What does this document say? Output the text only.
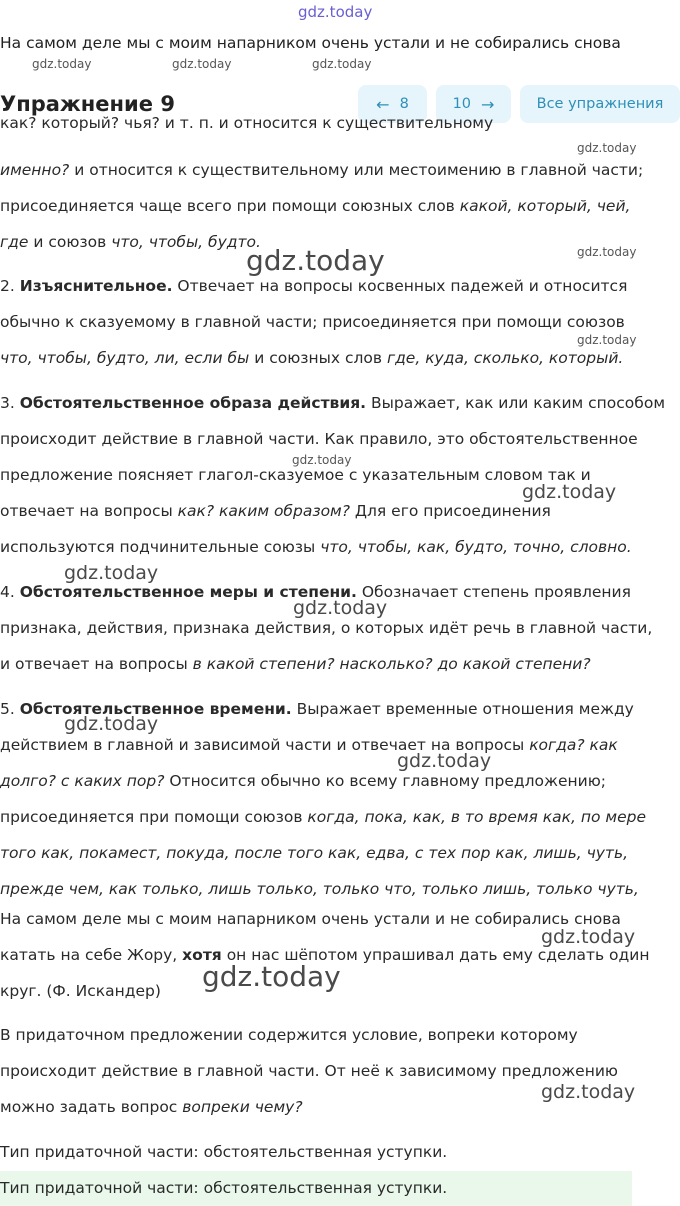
gdz.today
На самом деле мы с моим напарником очень устали и не собирались снова
gdz.today	gdz.today	gdz.today
Упражнение 9	← 8	10 →	Все упражнения
как? который? чья? и т. п. и относится к существительному
именно? и относится к существительному или местоимению в главной части;
присоединяется чаще всего при помощи союзных слов какой, который, чей,
где и союзов что, чтобы, будто.
2. Изъяснительное. Отвечает на вопросы косвенных падежей и относится
обычно к сказуемому в главной части; присоединяется при помощи союзов
что, чтобы, будто, ли, если бы и союзных слов где, куда, сколько, который.
3. Обстоятельственное образа действия. Выражает, как или каким способом
происходит действие в главной части. Как правило, это обстоятельственное
предложение поясняет глагол-сказуемое с указательным словом так и
отвечает на вопросы как? каким образом? Для его присоединения
используются подчинительные союзы что, чтобы, как, будто, точно, словно.
4. Обстоятельственное меры и степени. Обозначает степень проявления
признака, действия, признака действия, о которых идёт речь в главной части,
и отвечает на вопросы в какой степени? насколько? до какой степени?
5. Обстоятельственное времени. Выражает временные отношения между
действием в главной и зависимой части и отвечает на вопросы когда? как
долго? с каких пор? Относится обычно ко всему главному предложению;
присоединяется при помощи союзов когда, пока, как, в то время как, по мере
того как, покамест, покуда, после того как, едва, с тех пор как, лишь, чуть,
прежде чем, как только, лишь только, только что, только лишь, только чуть,
На самом деле мы с моим напарником очень устали и не собирались снова
катать на себе Жору, хотя он нас шёпотом упрашивал дать ему сделать один
круг. (Ф. Искандер)
В придаточном предложении содержится условие, вопреки которому
происходит действие в главной части. От неё к зависимому предложению
можно задать вопрос вопреки чему?
Тип придаточной части: обстоятельственная уступки.
Тип придаточной части: обстоятельственная уступки.
gdz.today
gdz.today
gdz.today
gdz.today
gdz.today
gdz.today
gdz.today
gdz.today
gdz.today
gdz.today
gdz.today
gdz.today
gdz.today
